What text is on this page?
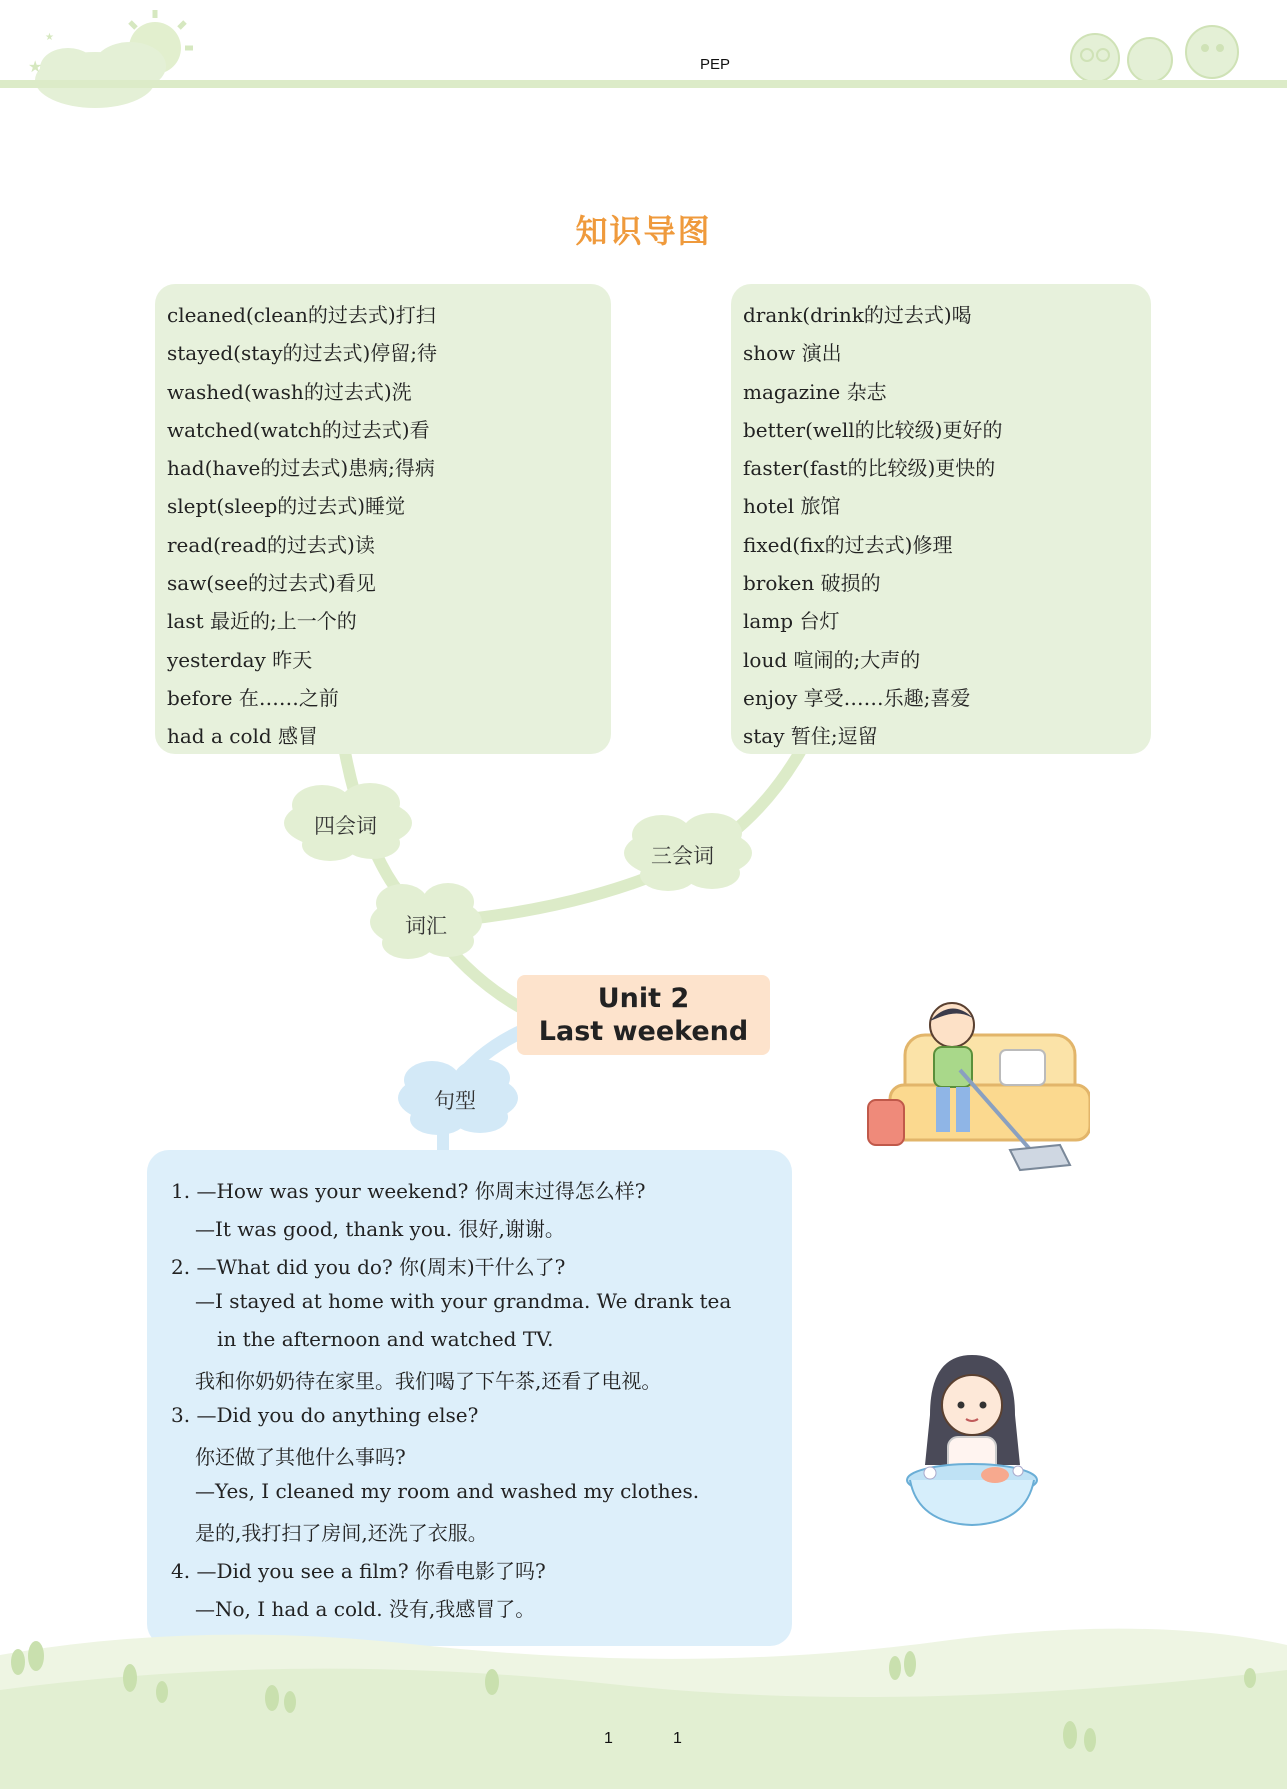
★
★
PEP
知识导图
四会词
三会词
词汇
句型
cleaned(clean的过去式)打扫
stayed(stay的过去式)停留;待
washed(wash的过去式)洗
watched(watch的过去式)看
had(have的过去式)患病;得病
slept(sleep的过去式)睡觉
read(read的过去式)读
saw(see的过去式)看见
last 最近的;上一个的
yesterday 昨天
before 在……之前
had a cold 感冒
drank(drink的过去式)喝
show 演出
magazine 杂志
better(well的比较级)更好的
faster(fast的比较级)更快的
hotel 旅馆
fixed(fix的过去式)修理
broken 破损的
lamp 台灯
loud 喧闹的;大声的
enjoy 享受……乐趣;喜爱
stay 暂住;逗留
Unit 2
Last weekend

1. —How was your weekend? 你周末过得怎么样?

—It was good, thank you. 很好,谢谢。

2. —What did you do? 你(周末)干什么了?

—I stayed at home with your grandma. We drank tea

in the afternoon and watched TV.

我和你奶奶待在家里。我们喝了下午茶,还看了电视。

3. —Did you do anything else?

你还做了其他什么事吗?

—Yes, I cleaned my room and washed my clothes.

是的,我打扫了房间,还洗了衣服。

4. —Did you see a film? 你看电影了吗?

—No, I had a cold. 没有,我感冒了。

1	1
